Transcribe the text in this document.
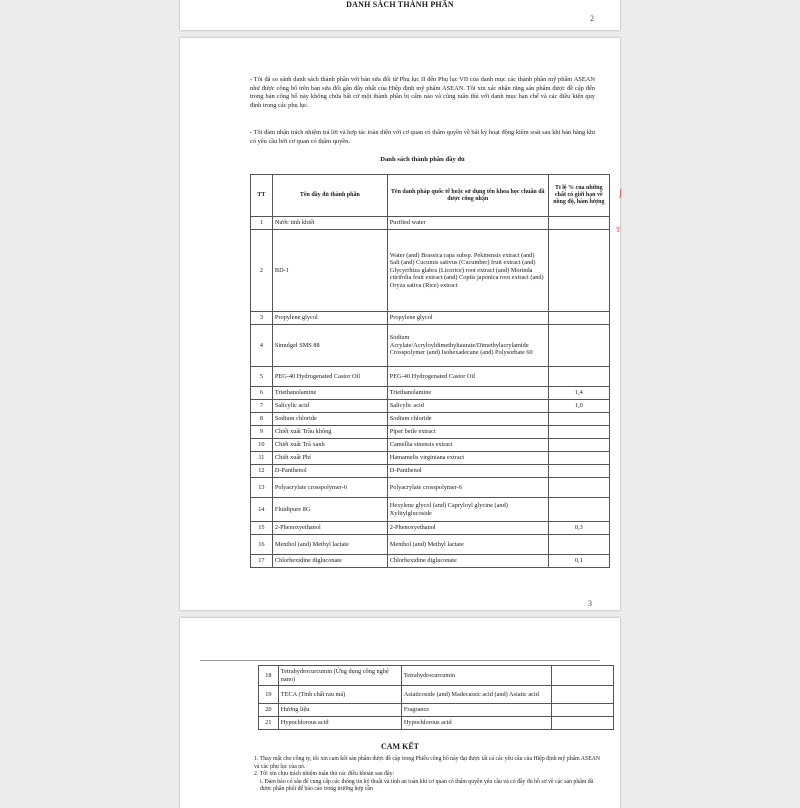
DANH SÁCH THÀNH PHẦN
2
- Tôi đã so sánh danh sách thành phần với bản sửa đổi từ Phụ lục II đến Phụ lục VII của danh mục các thành phần mỹ phẩm ASEAN như được công bố trên bản sửa đổi gần đây nhất của Hiệp định mỹ phẩm ASEAN. Tôi xin xác nhận rằng sản phẩm được đề cập đến trong bản công bố này không chứa bất cứ một thành phần bị cấm nào và cũng tuân thủ với danh mục hạn chế và các điều kiện quy định trong các phụ lục.
- Tôi đảm nhận trách nhiệm trả lời và hợp tác toàn diện với cơ quan có thẩm quyền về bất kỳ hoạt động kiểm soát sau khi bán hàng khi có yêu cầu bởi cơ quan có thẩm quyền.
Danh sách thành phần đầy đủ
TT	Tên đầy đủ thành phần	Tên danh pháp quốc tế hoặc sử dụng tên khoa học chuẩn đã được công nhận	Tỉ lệ % của những chất có giới hạn về nồng độ, hàm lượng
1	Nước tinh khiết	Purified water	
2	BD-1	Water (and) Brassica rapa subsp. Pekinensis extract (and) Salt (and) Cucumis sativus (Cucumber) fruit extract (and) Glycyrrhiza glabra (Licorice) root extract (and) Morinda citrifolia fruit extract (and) Coptis japonica root extract (and) Oryza sativa (Rice) extract	
3	Propylene glycol	Propylene glycol	
4	Simulgel SMS 88	Sodium Acrylate/Acryloyldimethyltaurate/Dimethylacrylamide Crosspolymer (and) Isohexadecane (and) Polysorbate 60	
5	PEG-40 Hydrogenated Castor Oil	PEG-40 Hydrogenated Castor Oil	
6	Triethanolamine	Triethanolamine	1,4
7	Salicylic acid	Salicylic acid	1,0
8	Sodium chloride	Sodium chloride	
9	Chiết xuất Trầu không	Piper betle extract	
10	Chiết xuất Trà xanh	Camellia sinensis extract	
11	Chiết xuất Phỉ	Hamamelis virginiana extract	
12	D-Panthenol	D-Panthenol	
13	Polyacrylate crosspolymer-6	Polyacrylate crosspolymer-6	
14	Fluidipure 8G	Hexylene glycol (and) Capryloyl glycine (and) Xylitylglucoside	
15	2-Phenoxyethanol	2-Phenoxyethanol	0,3
16	Menthol (and) Methyl lactate	Menthol (and) Methyl lactate	
17	Chlorhexidine digluconate	Chlorhexidine digluconate	0,1
ʃ
т
3
18	Tetrahydrocurcumin (Ứng dụng công nghệ nano)	Tetrahydrocurcumin	
19	TECA (Tinh chất rau má)	Asiaticoside (and) Madecassic acid (and) Asiatic acid	
20	Hương liệu	Fragrance	
21	Hypochlorous acid	Hypochlorous acid	
CAM KẾT
1. Thay mặt cho công ty, tôi xin cam kết sản phẩm được đề cập trong Phiếu công bố này đạt được tất cả các yêu cầu của Hiệp định mỹ phẩm ASEAN và các phụ lục của nó.
2. Tôi xin chịu trách nhiệm tuân thủ các điều khoản sau đây:
i. Đảm bảo có sẵn để cung cấp các thông tin kỹ thuật và tính an toàn khi cơ quan có thẩm quyền yêu cầu và có đầy đủ hồ sơ về các sản phẩm đã được phân phối để báo cáo trong trường hợp cần
